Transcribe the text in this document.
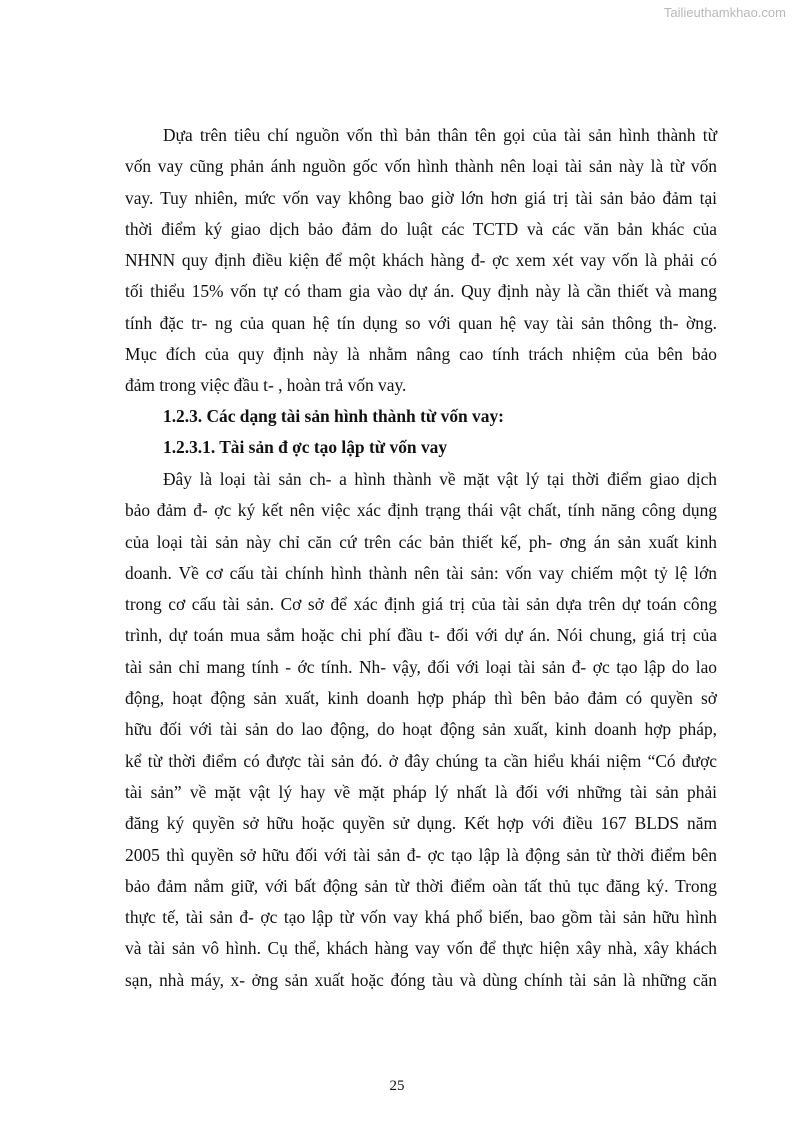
Tailieuthamkhao.com
Dựa trên tiêu chí nguồn vốn thì bản thân tên gọi của tài sản hình thành từ
vốn vay cũng phản ánh nguồn gốc vốn hình thành nên loại tài sản này là từ vốn
vay. Tuy nhiên, mức vốn vay không bao giờ lớn hơn giá trị tài sản bảo đảm tại
thời điểm ký giao dịch bảo đảm do luật các TCTD và các văn bản khác của
NHNN quy định điều kiện để một khách hàng đ- ợc xem xét vay vốn là phải có
tối thiểu 15% vốn tự có tham gia vào dự án. Quy định này là cần thiết và mang
tính đặc tr- ng của quan hệ tín dụng so với quan hệ vay tài sản thông th- ờng.
Mục đích của quy định này là nhằm nâng cao tính trách nhiệm của bên bảo
đảm trong việc đầu t- , hoàn trả vốn vay.
1.2.3. Các dạng tài sản hình thành từ vốn vay:
1.2.3.1. Tài sản đ ợc tạo lập từ vốn vay
Đây là loại tài sản ch- a hình thành về mặt vật lý tại thời điểm giao dịch
bảo đảm đ- ợc ký kết nên việc xác định trạng thái vật chất, tính năng công dụng
của loại tài sản này chỉ căn cứ trên các bản thiết kế, ph- ơng án sản xuất kinh
doanh. Về cơ cấu tài chính hình thành nên tài sản: vốn vay chiếm một tỷ lệ lớn
trong cơ cấu tài sản. Cơ sở để xác định giá trị của tài sản dựa trên dự toán công
trình, dự toán mua sắm hoặc chi phí đầu t- đối với dự án. Nói chung, giá trị của
tài sản chỉ mang tính - ớc tính. Nh- vậy, đối với loại tài sản đ- ợc tạo lập do lao
động, hoạt động sản xuất, kinh doanh hợp pháp thì bên bảo đảm có quyền sở
hữu đối với tài sản do lao động, do hoạt động sản xuất, kinh doanh hợp pháp,
kể từ thời điểm có được tài sản đó. ở đây chúng ta cần hiểu khái niệm “Có được
tài sản” về mặt vật lý hay về mặt pháp lý nhất là đối với những tài sản phải
đăng ký quyền sở hữu hoặc quyền sử dụng. Kết hợp với điều 167 BLDS năm
2005 thì quyền sở hữu đối với tài sản đ- ợc tạo lập là động sản từ thời điểm bên
bảo đảm nắm giữ, với bất động sản từ thời điểm oàn tất thủ tục đăng ký. Trong
thực tế, tài sản đ- ợc tạo lập từ vốn vay khá phổ biến, bao gồm tài sản hữu hình
và tài sản vô hình. Cụ thể, khách hàng vay vốn để thực hiện xây nhà, xây khách
sạn, nhà máy, x- ởng sản xuất hoặc đóng tàu và dùng chính tài sản là những căn
25
